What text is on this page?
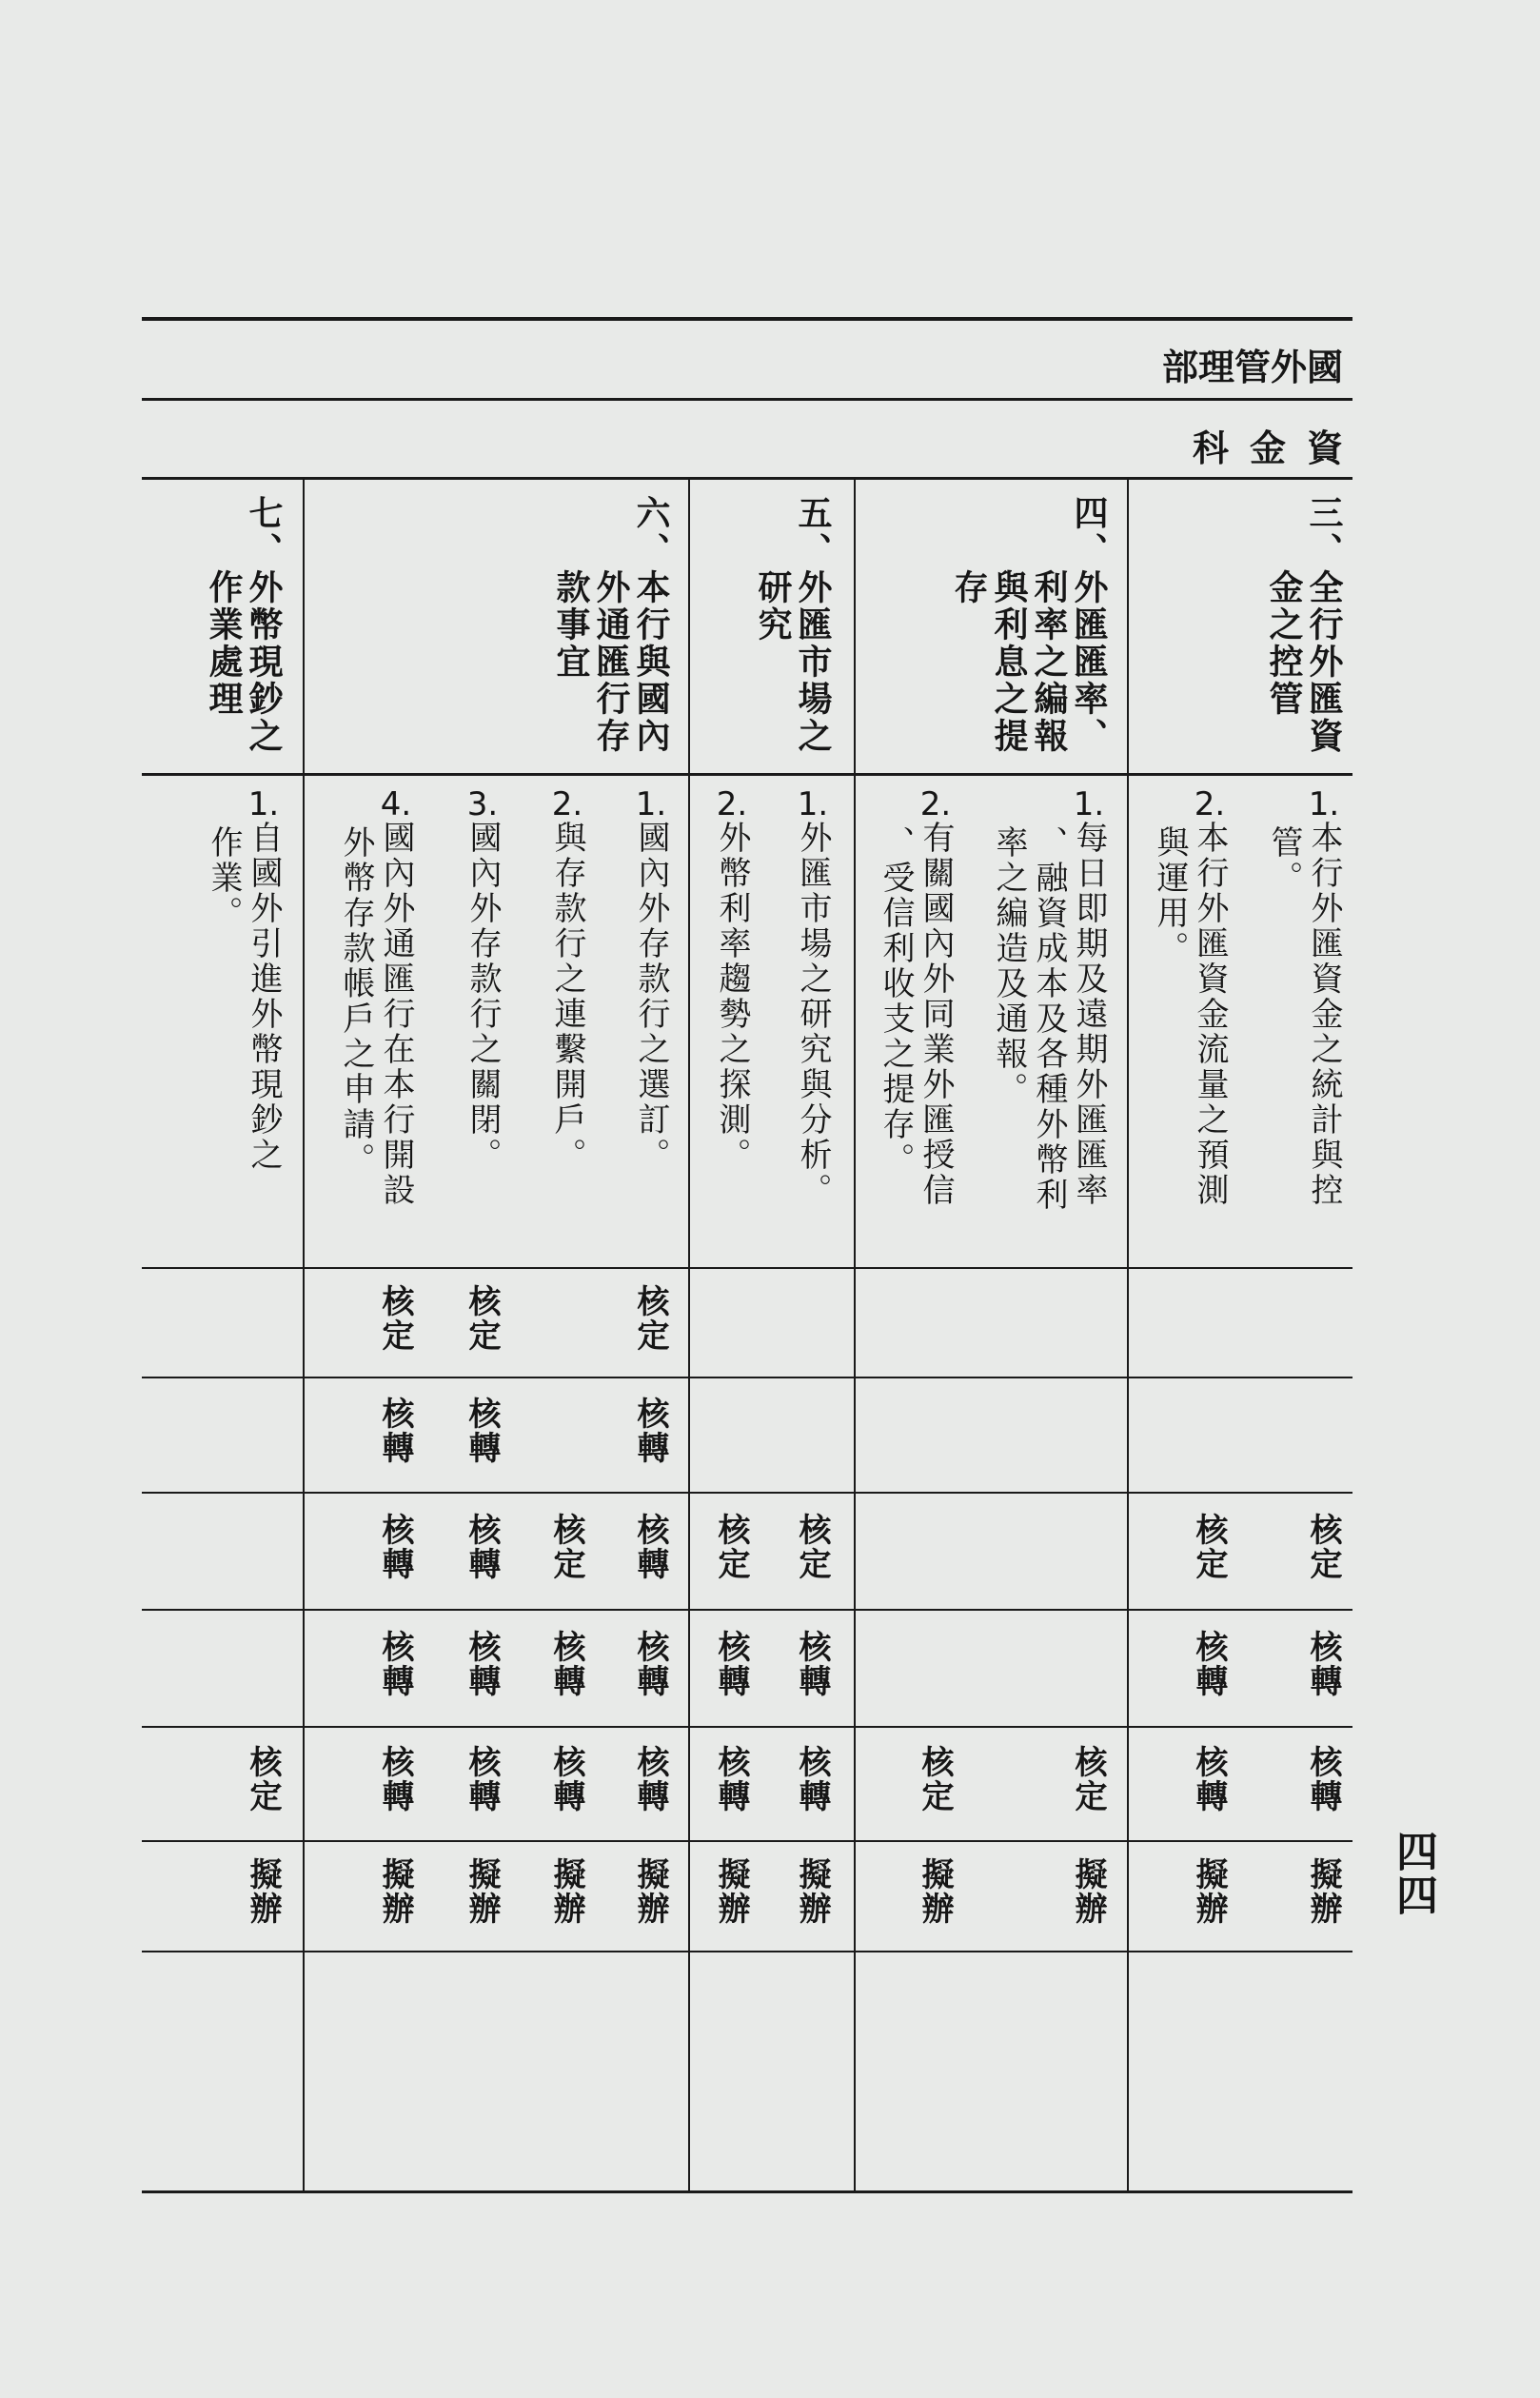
國外管理部
資金科
四四
三、全行外匯資
金之控管
1.本行外匯資金之統計與控
管。
核定
核轉
核轉
擬辦
2.本行外匯資金流量之預測
與運用。
核定
核轉
核轉
擬辦
四、外匯匯率、
利率之編報
與利息之提
存
1.每日即期及遠期外匯匯率
、融資成本及各種外幣利
率之編造及通報。
核定
擬辦
2.有關國內外同業外匯授信
、受信利收支之提存。
核定
擬辦
五、外匯市場之
研究
1.外匯市場之研究與分析。
核定
核轉
核轉
擬辦
2.外幣利率趨勢之探測。
核定
核轉
核轉
擬辦
六、本行與國內
外通匯行存
款事宜
1.國內外存款行之選訂。
核定
核轉
核轉
核轉
核轉
擬辦
2.與存款行之連繫開戶。
核定
核轉
核轉
擬辦
3.國內外存款行之關閉。
核定
核轉
核轉
核轉
核轉
擬辦
4.國內外通匯行在本行開設
外幣存款帳戶之申請。
核定
核轉
核轉
核轉
核轉
擬辦
七、外幣現鈔之
作業處理
1.自國外引進外幣現鈔之
作業。
核定
擬辦
